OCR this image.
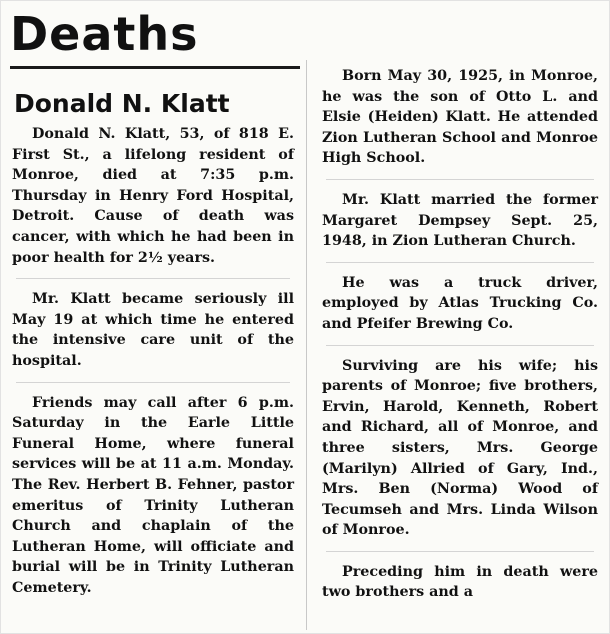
Deaths
Donald N. Klatt

Donald N. Klatt, 53, of 818 E. First St., a lifelong resident of Monroe, died at 7:35 p.m. Thursday in Henry Ford Hospital, Detroit. Cause of death was cancer, with which he had been in poor health for 2½ years.

Mr. Klatt became seriously ill May 19 at which time he entered the intensive care unit of the hospital.

Friends may call after 6 p.m. Saturday in the Earle Little Funeral Home, where funeral services will be at 11 a.m. Monday. The Rev. Herbert B. Fehner, pastor emeritus of Trinity Lutheran Church and chaplain of the Lutheran Home, will officiate and burial will be in Trinity Lutheran Cemetery.

Born May 30, 1925, in Monroe, he was the son of Otto L. and Elsie (Heiden) Klatt. He attended Zion Lutheran School and Monroe High School.

Mr. Klatt married the former Margaret Dempsey Sept. 25, 1948, in Zion Lutheran Church.

He was a truck driver, employed by Atlas Trucking Co. and Pfeifer Brewing Co.

Surviving are his wife; his parents of Monroe; five brothers, Ervin, Harold, Kenneth, Robert and Richard, all of Monroe, and three sisters, Mrs. George (Marilyn) Allried of Gary, Ind., Mrs. Ben (Norma) Wood of Tecumseh and Mrs. Linda Wilson of Monroe.

Preceding him in death were two brothers and a
